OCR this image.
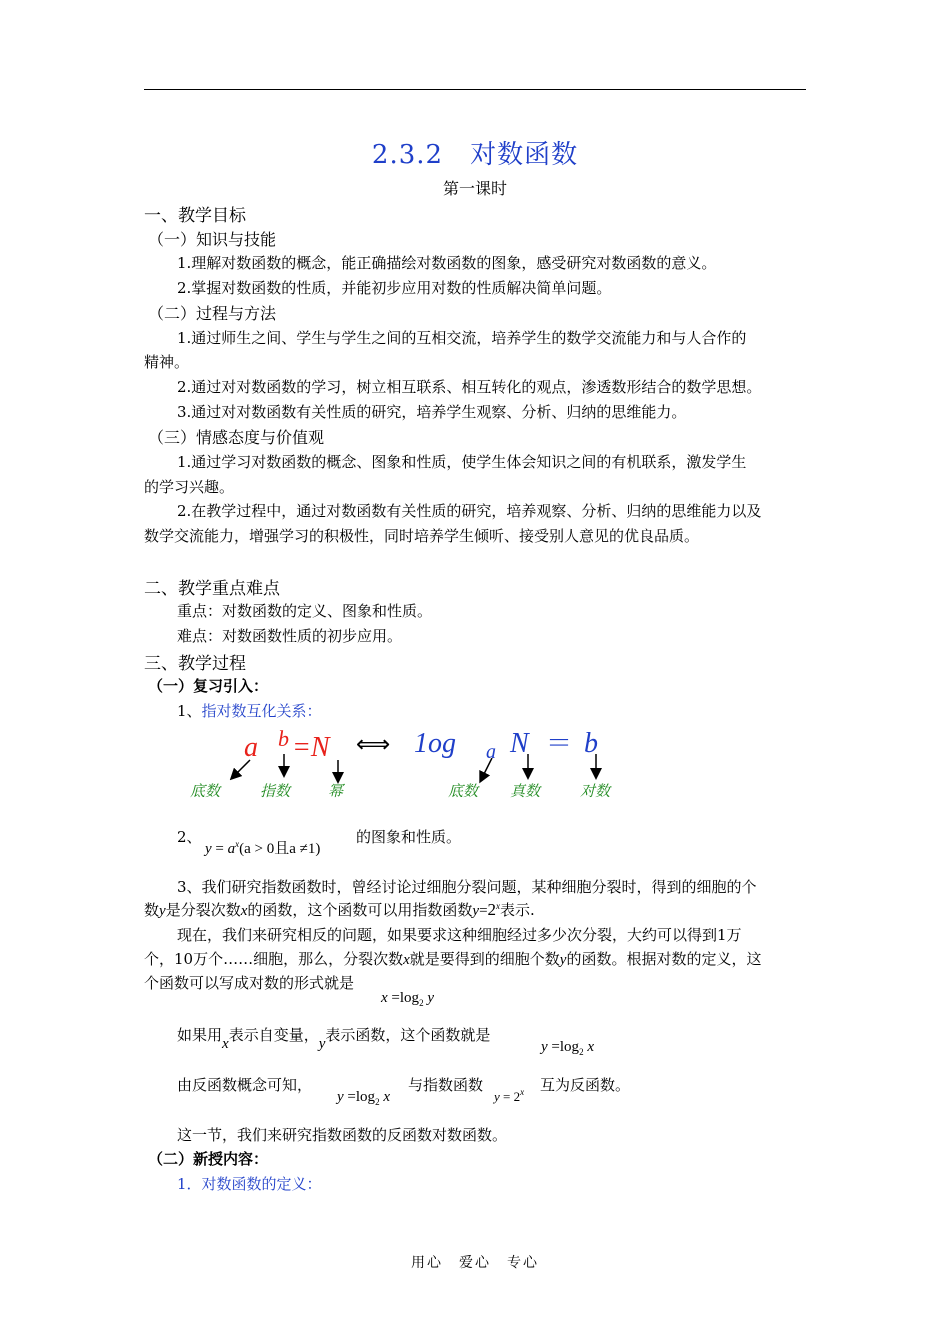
2.3.2　对数函数
第一课时
一、教学目标
（一）知识与技能
1.理解对数函数的概念，能正确描绘对数函数的图象，感受研究对数函数的意义。
2.掌握对数函数的性质，并能初步应用对数的性质解决简单问题。
（二）过程与方法
1.通过师生之间、学生与学生之间的互相交流，培养学生的数学交流能力和与人合作的
精神。
2.通过对对数函数的学习，树立相互联系、相互转化的观点，渗透数形结合的数学思想。
3.通过对对数函数有关性质的研究，培养学生观察、分析、归纳的思维能力。
（三）情感态度与价值观
1.通过学习对数函数的概念、图象和性质，使学生体会知识之间的有机联系，激发学生
的学习兴趣。
2.在教学过程中，通过对数函数有关性质的研究，培养观察、分析、归纳的思维能力以及
数学交流能力，增强学习的积极性，同时培养学生倾听、接受别人意见的优良品质。
二、教学重点难点
重点：对数函数的定义、图象和性质。
难点：对数函数性质的初步应用。
三、教学过程
（一）复习引入：
1、指对数互化关系：
a b =N ⟺ 1og a N ＝ b
底数	指数	幂	底数 真数	对数
2、
$y = a^x(a > 0$且a ≠1)
的图象和性质。
3、我们研究指数函数时，曾经讨论过细胞分裂问题，某种细胞分裂时，得到的细胞的个
数y是分裂次数x的函数，这个函数可以用指数函数$y=2^x$表示.
现在，我们来研究相反的问题，如果要求这种细胞经过多少次分裂，大约可以得到1万
个，10万个……细胞，那么，分裂次数x就是要得到的细胞个数y的函数。根据对数的定义，这
个函数可以写成对数的形式就是
$x =\log_2$ y
如果用x表示自变量，y表示函数，这个函数就是
$y =\log_2$ x
由反函数概念可知，
$y =\log_2$ x
与指数函数
$y = 2^x$ 互为反函数。
这一节，我们来研究指数函数的反函数对数函数。
（二）新授内容：
1．对数函数的定义：
用心　爱心　专心
